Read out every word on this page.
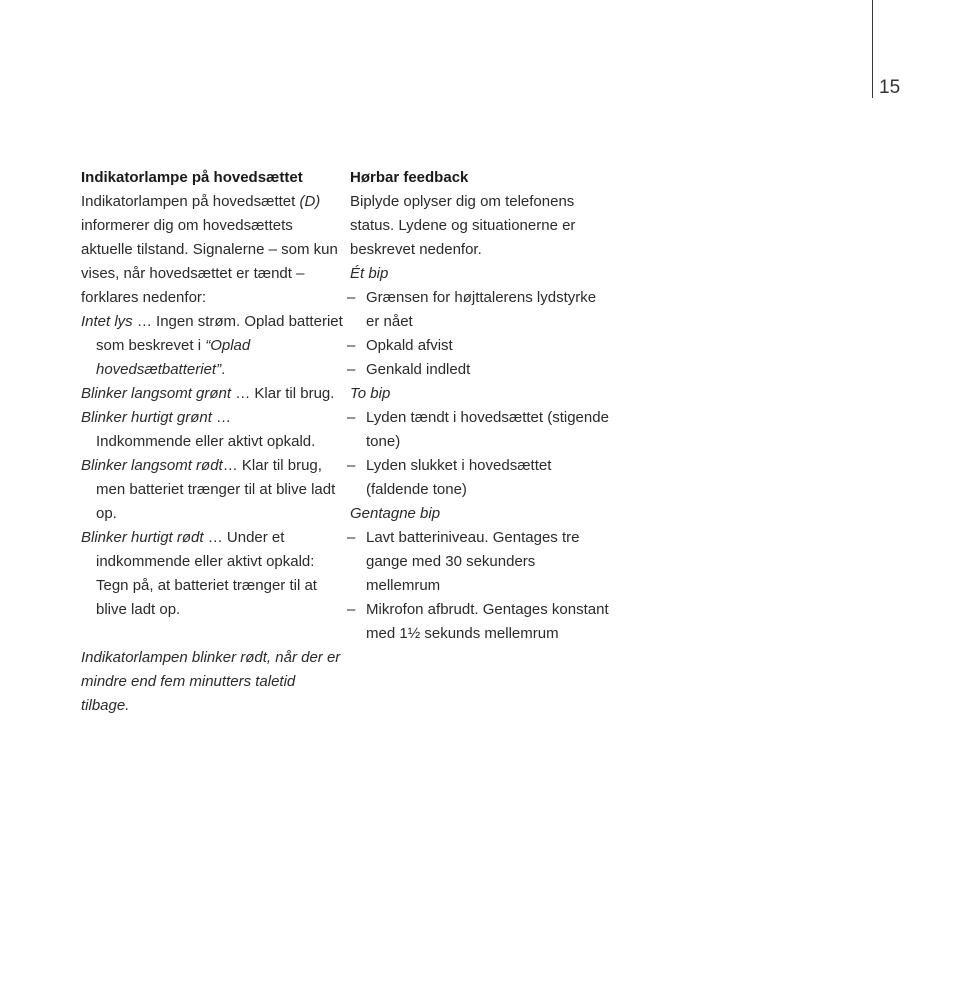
15
Indikatorlampe på hovedsættet

Indikatorlampen på hovedsættet (D) informerer dig om hovedsættets aktuelle tilstand. Signalerne – som kun vises, når hovedsættet er tændt – forklares nedenfor:

Intet lys … Ingen strøm. Oplad batteriet som beskrevet i “Oplad hovedsætbatteriet”.

Blinker langsomt grønt … Klar til brug.

Blinker hurtigt grønt … Indkommende eller aktivt opkald.

Blinker langsomt rødt… Klar til brug, men batteriet trænger til at blive ladt op.

Blinker hurtigt rødt … Under et indkommende eller aktivt opkald: Tegn på, at batteriet trænger til at blive ladt op.

Indikatorlampen blinker rødt, når der er mindre end fem minutters taletid tilbage.

Hørbar feedback

Biplyde oplyser dig om telefonens status. Lydene og situationerne er beskrevet nedenfor.

Ét bip

– Grænsen for højttalerens lydstyrke er nået

– Opkald afvist

– Genkald indledt

To bip

– Lyden tændt i hovedsættet (stigende tone)

– Lyden slukket i hovedsættet (faldende tone)

Gentagne bip

– Lavt batteriniveau. Gentages tre gange med 30 sekunders mellemrum

– Mikrofon afbrudt. Gentages konstant med 1½ sekunds mellemrum
